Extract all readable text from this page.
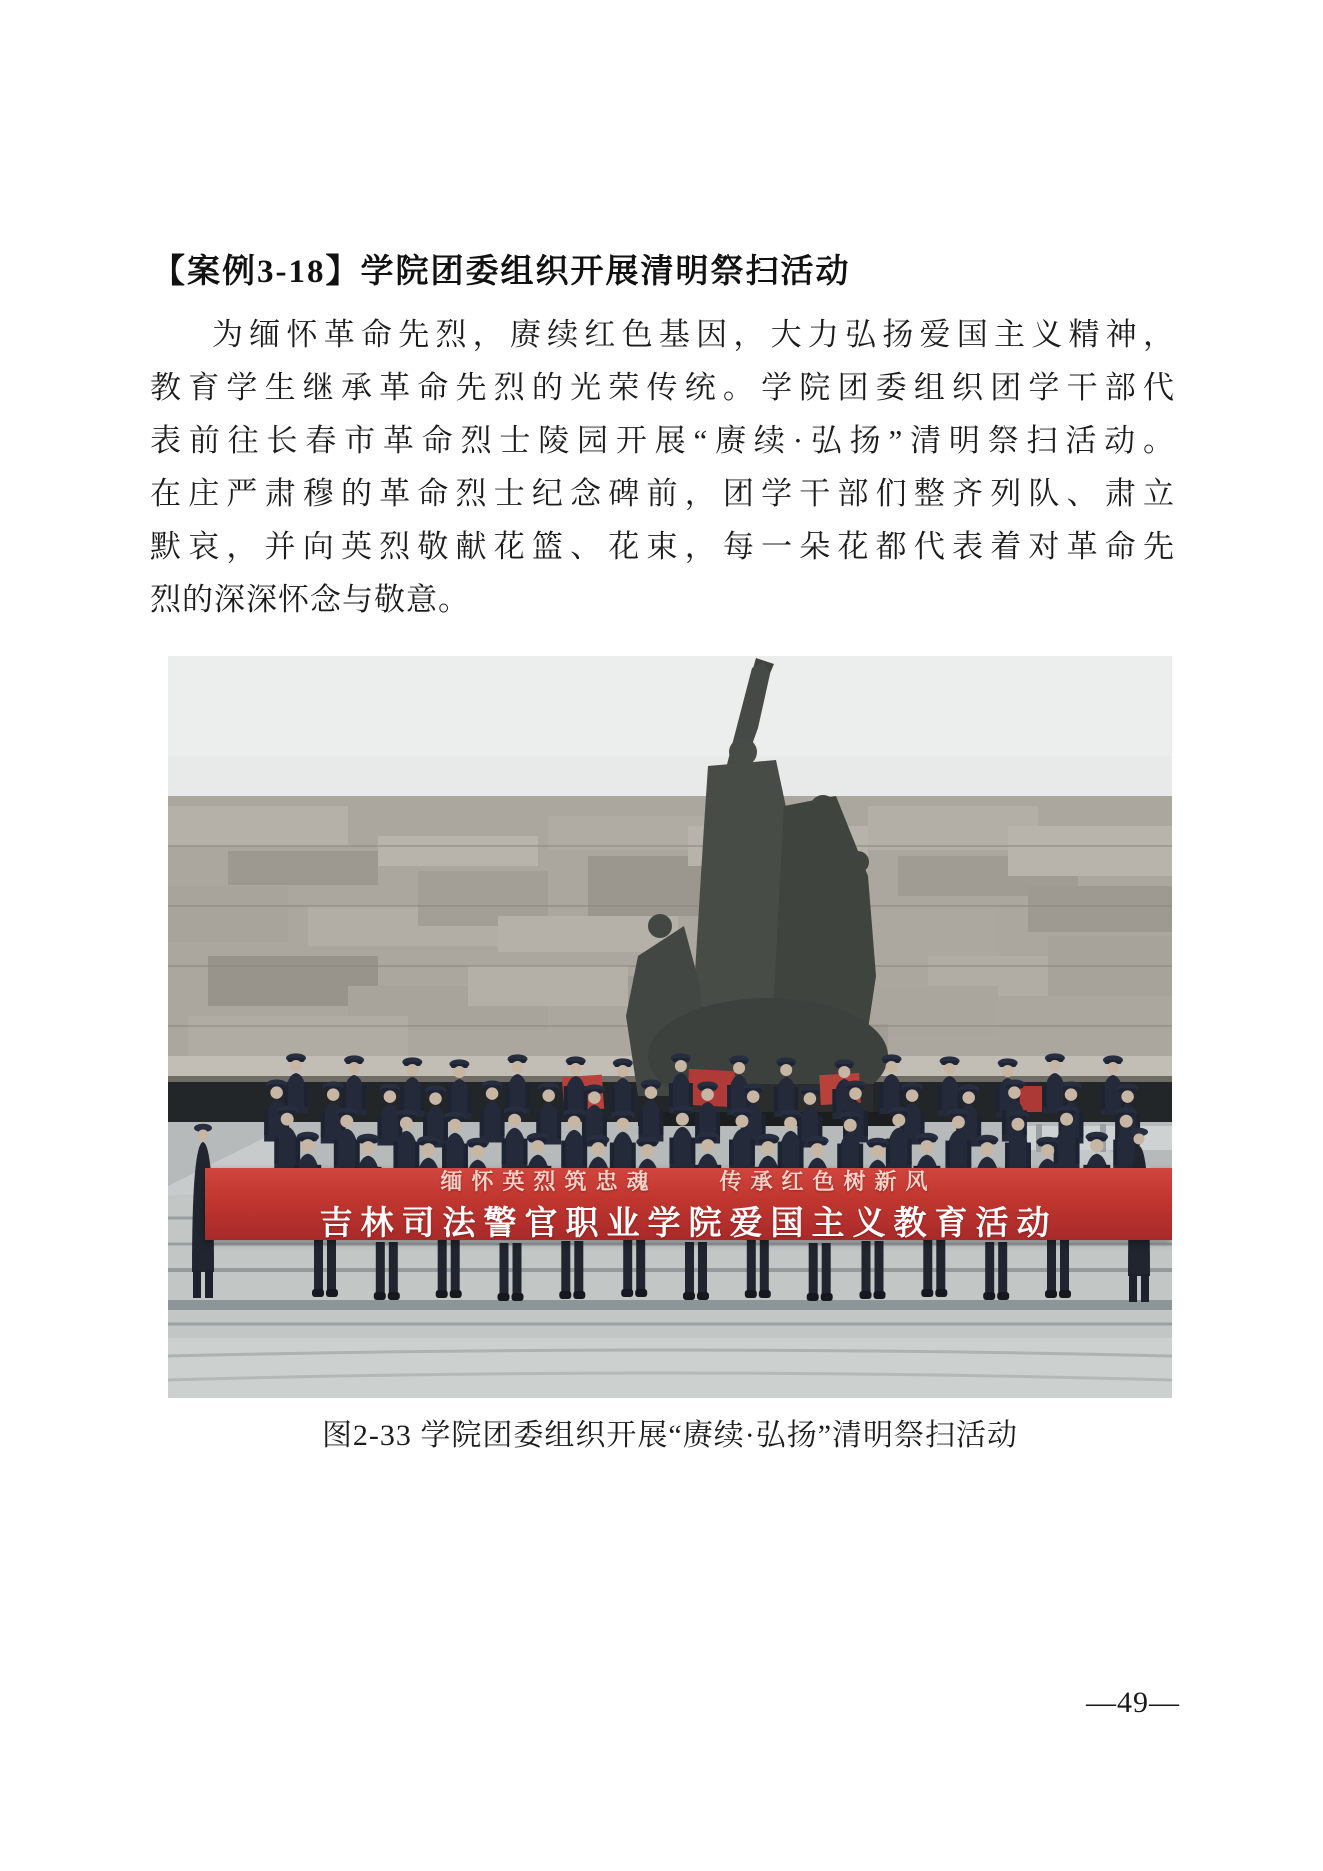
【案例3-18】学院团委组织开展清明祭扫活动
为缅怀革命先烈，赓续红色基因，大力弘扬爱国主义精神，
教育学生继承革命先烈的光荣传统。学院团委组织团学干部代
表前往长春市革命烈士陵园开展“赓续·弘扬”清明祭扫活动。
在庄严肃穆的革命烈士纪念碑前，团学干部们整齐列队、肃立
默哀，并向英烈敬献花篮、花束，每一朵花都代表着对革命先
烈的深深怀念与敬意。
缅怀英烈筑忠魂　　传承红色树新风
吉林司法警官职业学院爱国主义教育活动
图2-33 学院团委组织开展“赓续·弘扬”清明祭扫活动
—49—
